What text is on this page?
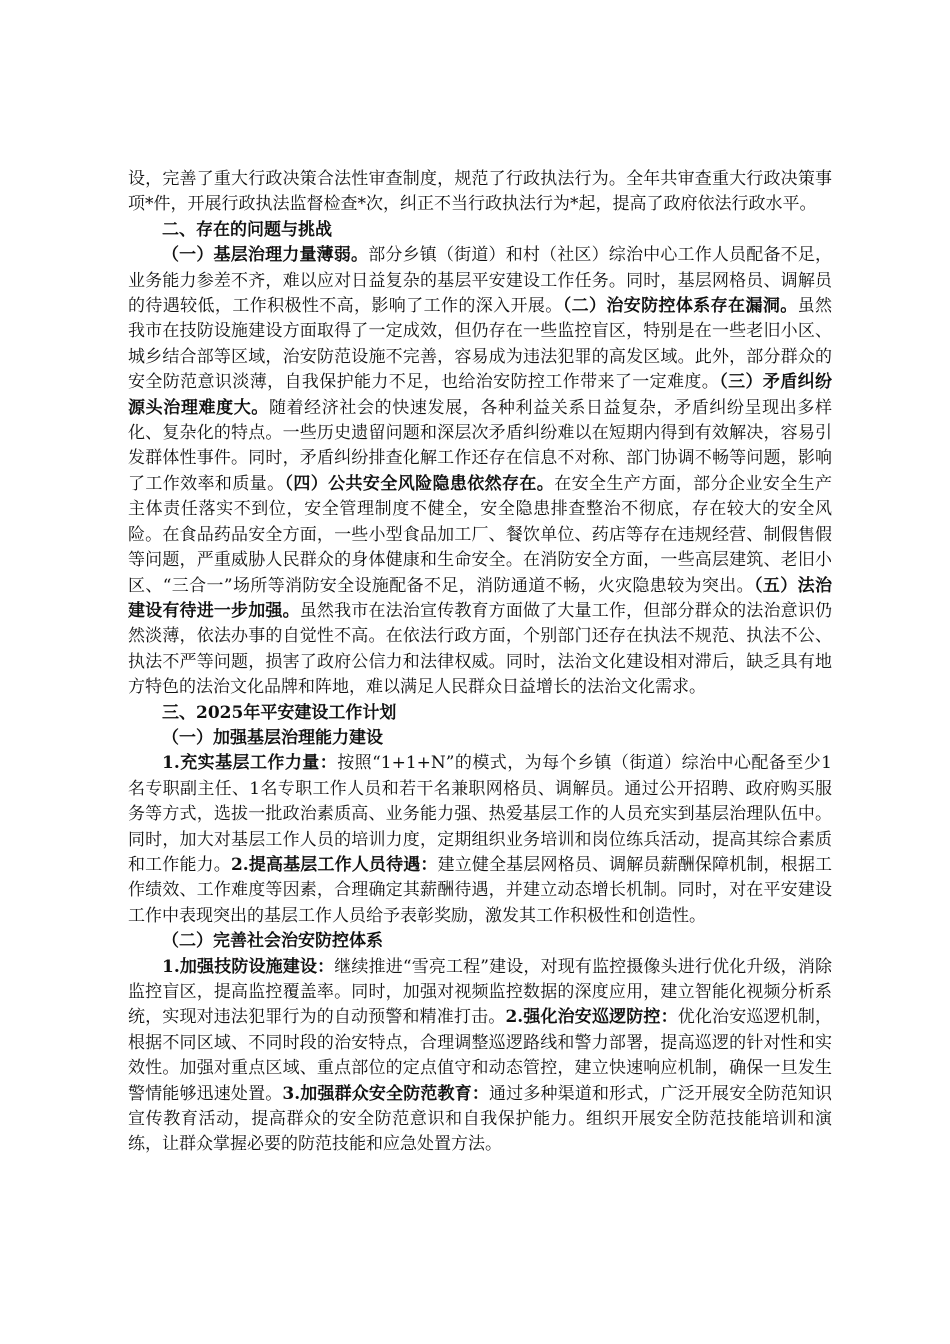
设，完善了重大行政决策合法性审查制度，规范了行政执法行为。全年共审查重大行政决策事项*件，开展行政执法监督检查*次，纠正不当行政执法行为*起，提高了政府依法行政水平。

二、存在的问题与挑战

（一）基层治理力量薄弱。部分乡镇（街道）和村（社区）综治中心工作人员配备不足，业务能力参差不齐，难以应对日益复杂的基层平安建设工作任务。同时，基层网格员、调解员的待遇较低，工作积极性不高，影响了工作的深入开展。（二）治安防控体系存在漏洞。虽然我市在技防设施建设方面取得了一定成效，但仍存在一些监控盲区，特别是在一些老旧小区、城乡结合部等区域，治安防范设施不完善，容易成为违法犯罪的高发区域。此外，部分群众的安全防范意识淡薄，自我保护能力不足，也给治安防控工作带来了一定难度。（三）矛盾纠纷源头治理难度大。随着经济社会的快速发展，各种利益关系日益复杂，矛盾纠纷呈现出多样化、复杂化的特点。一些历史遗留问题和深层次矛盾纠纷难以在短期内得到有效解决，容易引发群体性事件。同时，矛盾纠纷排查化解工作还存在信息不对称、部门协调不畅等问题，影响了工作效率和质量。（四）公共安全风险隐患依然存在。在安全生产方面，部分企业安全生产主体责任落实不到位，安全管理制度不健全，安全隐患排查整治不彻底，存在较大的安全风险。在食品药品安全方面，一些小型食品加工厂、餐饮单位、药店等存在违规经营、制假售假等问题，严重威胁人民群众的身体健康和生命安全。在消防安全方面，一些高层建筑、老旧小区、“三合一”场所等消防安全设施配备不足，消防通道不畅，火灾隐患较为突出。（五）法治建设有待进一步加强。虽然我市在法治宣传教育方面做了大量工作，但部分群众的法治意识仍然淡薄，依法办事的自觉性不高。在依法行政方面，个别部门还存在执法不规范、执法不公、执法不严等问题，损害了政府公信力和法律权威。同时，法治文化建设相对滞后，缺乏具有地方特色的法治文化品牌和阵地，难以满足人民群众日益增长的法治文化需求。

三、2025年平安建设工作计划

（一）加强基层治理能力建设

1.充实基层工作力量：按照“1+1+N”的模式，为每个乡镇（街道）综治中心配备至少1名专职副主任、1名专职工作人员和若干名兼职网格员、调解员。通过公开招聘、政府购买服务等方式，选拔一批政治素质高、业务能力强、热爱基层工作的人员充实到基层治理队伍中。同时，加大对基层工作人员的培训力度，定期组织业务培训和岗位练兵活动，提高其综合素质和工作能力。2.提高基层工作人员待遇：建立健全基层网格员、调解员薪酬保障机制，根据工作绩效、工作难度等因素，合理确定其薪酬待遇，并建立动态增长机制。同时，对在平安建设工作中表现突出的基层工作人员给予表彰奖励，激发其工作积极性和创造性。

（二）完善社会治安防控体系

1.加强技防设施建设：继续推进“雪亮工程”建设，对现有监控摄像头进行优化升级，消除监控盲区，提高监控覆盖率。同时，加强对视频监控数据的深度应用，建立智能化视频分析系统，实现对违法犯罪行为的自动预警和精准打击。2.强化治安巡逻防控：优化治安巡逻机制，根据不同区域、不同时段的治安特点，合理调整巡逻路线和警力部署，提高巡逻的针对性和实效性。加强对重点区域、重点部位的定点值守和动态管控，建立快速响应机制，确保一旦发生警情能够迅速处置。3.加强群众安全防范教育：通过多种渠道和形式，广泛开展安全防范知识宣传教育活动，提高群众的安全防范意识和自我保护能力。组织开展安全防范技能培训和演练，让群众掌握必要的防范技能和应急处置方法。
